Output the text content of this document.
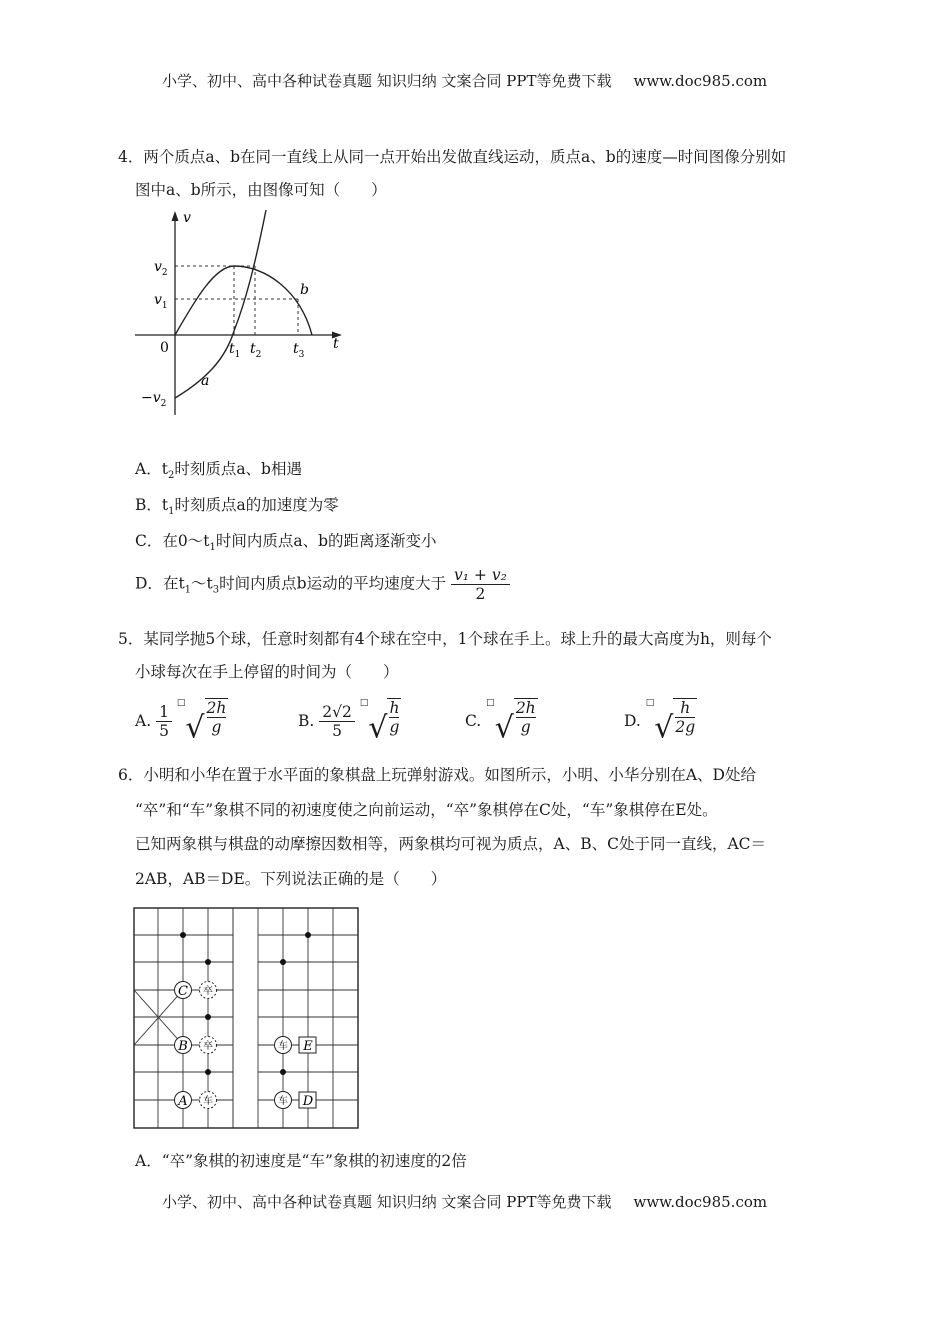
小学、初中、高中各种试卷真题 知识归纳 文案合同 PPT等免费下载 www.doc985.com
4．两个质点a、b在同一直线上从同一点开始出发做直线运动，质点a、b的速度—时间图像分别如
图中a、b所示，由图像可知（　　）
v
t
0
$v_2$
$v_1$
$-v_2$
$t_1$ $t_2$ $t_3$
a
b
A．$t_2$时刻质点a、b相遇
B．$t_1$时刻质点a的加速度为零
C．在$0\sim t_1$时间内质点a、b的距离逐渐变小
D．在$t_1\sim t_3$时间内质点b运动的平均速度大于 $\frac{\text{v₁ + v₂}}{2}$
5．某同学抛5个球，任意时刻都有4个球在空中，1个球在手上。球上升的最大高度为h，则每个
小球每次在手上停留的时间为（　　）
A. $\frac{1}{5}$
$^□√ \frac{2h}{g}$	B. $\frac{2√2}{5}$
$^□√ \frac{h}{g}$	C. $^□√ \frac{2h}{g}$	D. $^□√ \frac{h}{2g}$
6．小明和小华在置于水平面的象棋盘上玩弹射游戏。如图所示，小明、小华分别在A、D处给
“卒”和“车”象棋不同的初速度使之向前运动，“卒”象棋停在C处，“车”象棋停在E处。
已知两象棋与棋盘的动摩擦因数相等，两象棋均可视为质点，A、B、C处于同一直线，AC＝
2AB，AB＝DE。下列说法正确的是（　　）
C 卒
B 卒
A 车
车 E
车 D
A．“卒”象棋的初速度是“车”象棋的初速度的2倍
小学、初中、高中各种试卷真题 知识归纳 文案合同 PPT等免费下载 www.doc985.com
